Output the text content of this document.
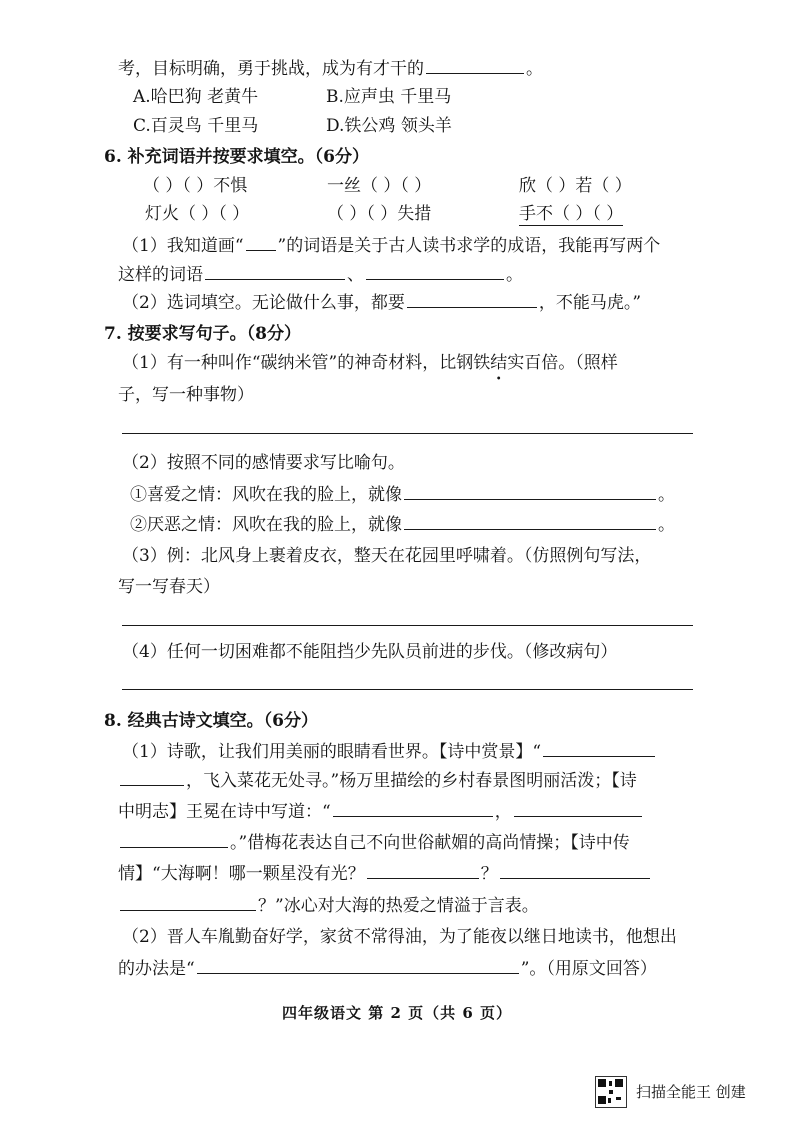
考，目标明确，勇于挑战，成为有才干的	。
A.哈巴狗 老黄牛	B.应声虫 千里马
C.百灵鸟 千里马	D.铁公鸡 领头羊
6. 补充词语并按要求填空。（6分）
（ ）（ ）不惧	一丝（ ）（ ）	欣（ ）若（ ）
灯火（ ）（ ）	（ ）（ ）失措	手不（ ）（ ）
（1）我知道画“ ”的词语是关于古人读书求学的成语，我能再写两个
这样的词语	、	。
（2）选词填空。无论做什么事，都要	，不能马虎。”
7. 按要求写句子。（8分）
（1）有一种叫作“碳纳米管”的神奇材料，比钢铁结实百倍 •。（照样
子，写一种事物）
（2）按照不同的感情要求写比喻句。
①喜爱之情：风吹在我的脸上，就像	。
②厌恶之情：风吹在我的脸上，就像	。
（3）例：北风身上裹着皮衣，整天在花园里呼啸着。（仿照例句写法，
写一写春天）
（4）任何一切困难都不能阻挡少先队员前进的步伐。（修改病句）
8. 经典古诗文填空。（6分）
（1）诗歌，让我们用美丽的眼睛看世界。【诗中赏景】“
，飞入菜花无处寻。”杨万里描绘的乡村春景图明丽活泼；【诗
中明志】王冕在诗中写道：“	，
。”借梅花表达自己不向世俗献媚的高尚情操；【诗中传
情】“大海啊！哪一颗星没有光？	？
？”冰心对大海的热爱之情溢于言表。
（2）晋人车胤勤奋好学，家贫不常得油，为了能夜以继日地读书，他想出
的办法是“	”。（用原文回答）
四年级语文 第 2 页（共 6 页）
扫描全能王 创建
